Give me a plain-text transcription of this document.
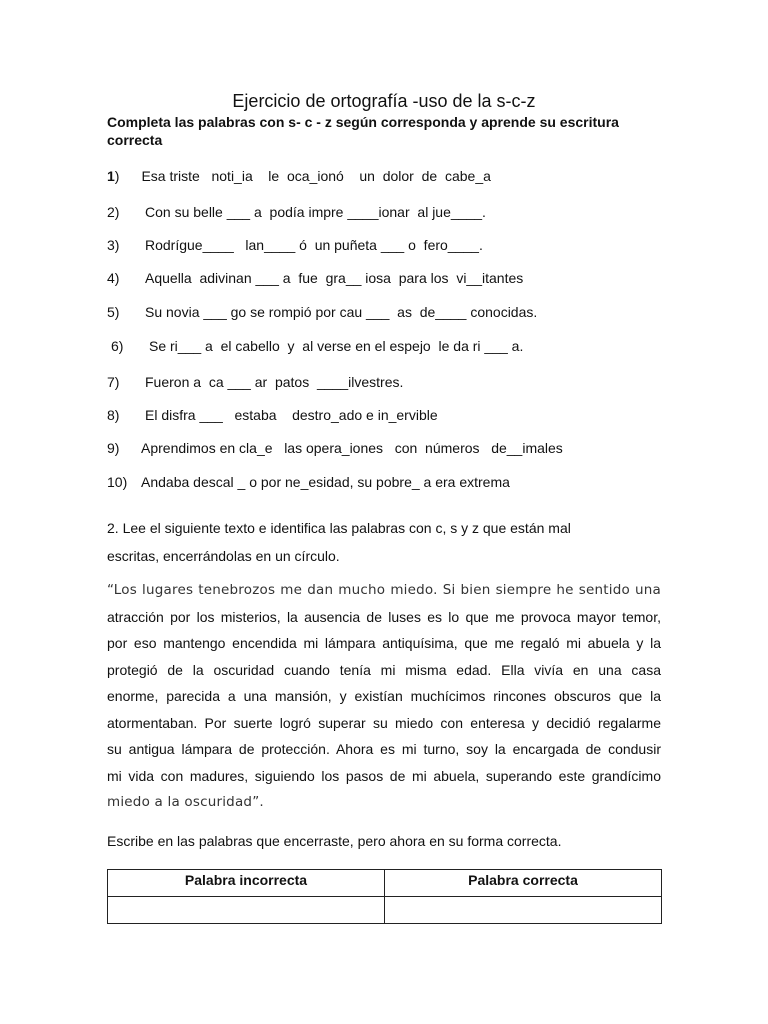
Ejercicio de ortografía -uso de la s-c-z
Completa las palabras con s- c - z según corresponda y aprende su escritura correcta
1) Esa triste   noti_ia    le  oca_ionó    un  dolor  de  cabe_a
2) Con su belle ___ a  podía impre ____ionar  al jue____.
3) Rodrígue____   lan____ ó  un puñeta ___ o  fero____.
4) Aquella  adivinan ___ a  fue  gra__ iosa  para los  vi__itantes
5) Su novia ___ go se rompió por cau ___  as  de____ conocidas.
6) Se ri___ a  el cabello  y  al verse en el espejo  le da ri ___ a.
7) Fueron a  ca ___ ar  patos  ____ilvestres.
8) El disfra ___   estaba    destro_ado e in_ervible
9) Aprendimos en cla_e   las opera_iones   con  números   de__imales
10) Andaba descal _ o por ne_esidad, su pobre_ a era extrema
2. Lee el siguiente texto e identifica las palabras con c, s y z que están mal
escritas, encerrándolas en un círculo.
“Los lugares tenebrozos me dan mucho miedo. Si bien siempre he sentido una
atracción por los misterios, la ausencia de luses es lo que me provoca mayor temor,
por eso mantengo encendida mi lámpara antiquísima, que me regaló mi abuela y la
protegió de la oscuridad cuando tenía mi misma edad. Ella vivía en una casa
enorme, parecida a una mansión, y existían muchícimos rincones obscuros que la
atormentaban. Por suerte logró superar su miedo con enteresa y decidió regalarme
su antigua lámpara de protección. Ahora es mi turno, soy la encargada de condusir
mi vida con madures, siguiendo los pasos de mi abuela, superando este grandícimo
miedo a la oscuridad”.
Escribe en las palabras que encerraste, pero ahora en su forma correcta.
Palabra incorrecta	Palabra correcta
